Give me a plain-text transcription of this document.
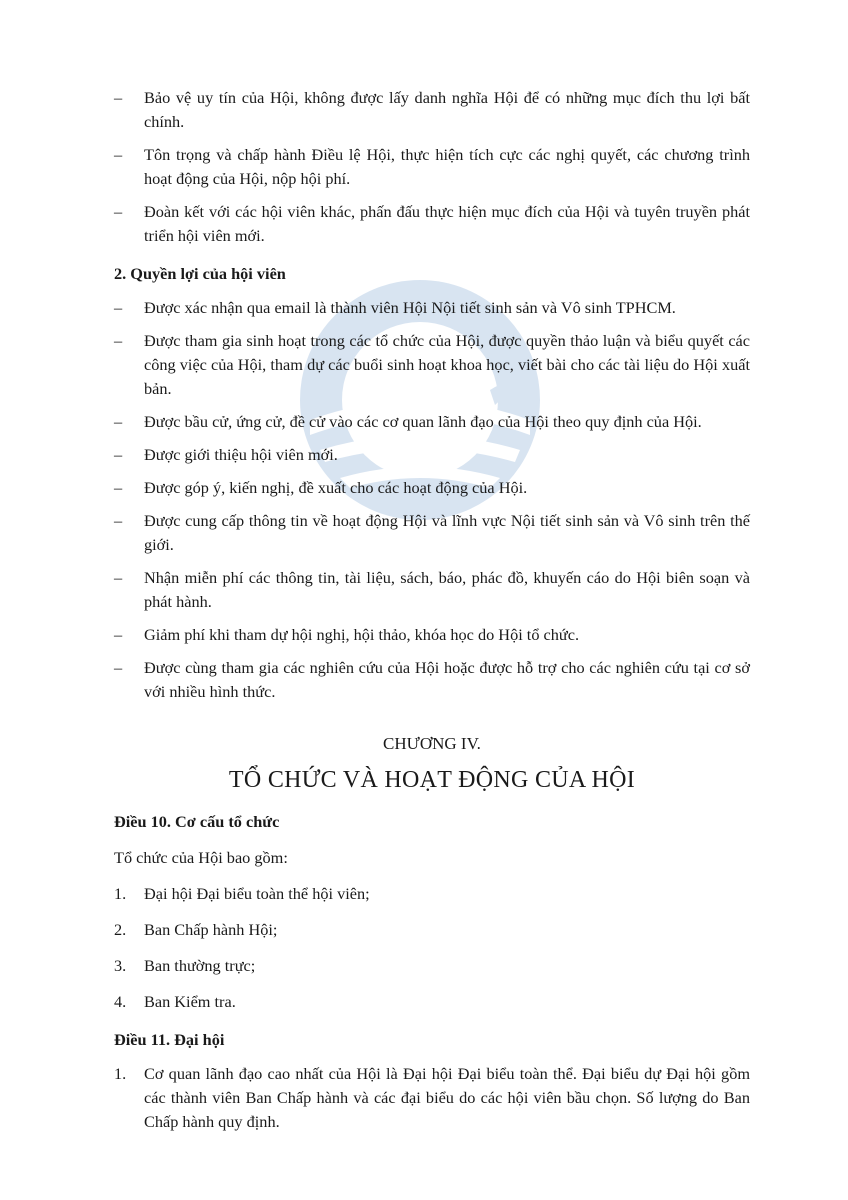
– Bảo vệ uy tín của Hội, không được lấy danh nghĩa Hội để có những mục đích thu lợi bất chính.
– Tôn trọng và chấp hành Điều lệ Hội, thực hiện tích cực các nghị quyết, các chương trình hoạt động của Hội, nộp hội phí.
– Đoàn kết với các hội viên khác, phấn đấu thực hiện mục đích của Hội và tuyên truyền phát triển hội viên mới.
2. Quyền lợi của hội viên
– Được xác nhận qua email là thành viên Hội Nội tiết sinh sản và Vô sinh TPHCM.
– Được tham gia sinh hoạt trong các tổ chức của Hội, được quyền thảo luận và biểu quyết các công việc của Hội, tham dự các buổi sinh hoạt khoa học, viết bài cho các tài liệu do Hội xuất bản.
– Được bầu cử, ứng cử, đề cử vào các cơ quan lãnh đạo của Hội theo quy định của Hội.
– Được giới thiệu hội viên mới.
– Được góp ý, kiến nghị, đề xuất cho các hoạt động của Hội.
– Được cung cấp thông tin về hoạt động Hội và lĩnh vực Nội tiết sinh sản và Vô sinh trên thế giới.
– Nhận miễn phí các thông tin, tài liệu, sách, báo, phác đồ, khuyến cáo do Hội biên soạn và phát hành.
– Giảm phí khi tham dự hội nghị, hội thảo, khóa học do Hội tổ chức.
– Được cùng tham gia các nghiên cứu của Hội hoặc được hỗ trợ cho các nghiên cứu tại cơ sở với nhiều hình thức.
CHƯƠNG IV.
TỔ CHỨC VÀ HOẠT ĐỘNG CỦA HỘI
Điều 10. Cơ cấu tổ chức
Tổ chức của Hội bao gồm:
1. Đại hội Đại biểu toàn thể hội viên;
2. Ban Chấp hành Hội;
3. Ban thường trực;
4. Ban Kiểm tra.
Điều 11. Đại hội
1. Cơ quan lãnh đạo cao nhất của Hội là Đại hội Đại biểu toàn thể. Đại biểu dự Đại hội gồm các thành viên Ban Chấp hành và các đại biểu do các hội viên bầu chọn. Số lượng do Ban Chấp hành quy định.
